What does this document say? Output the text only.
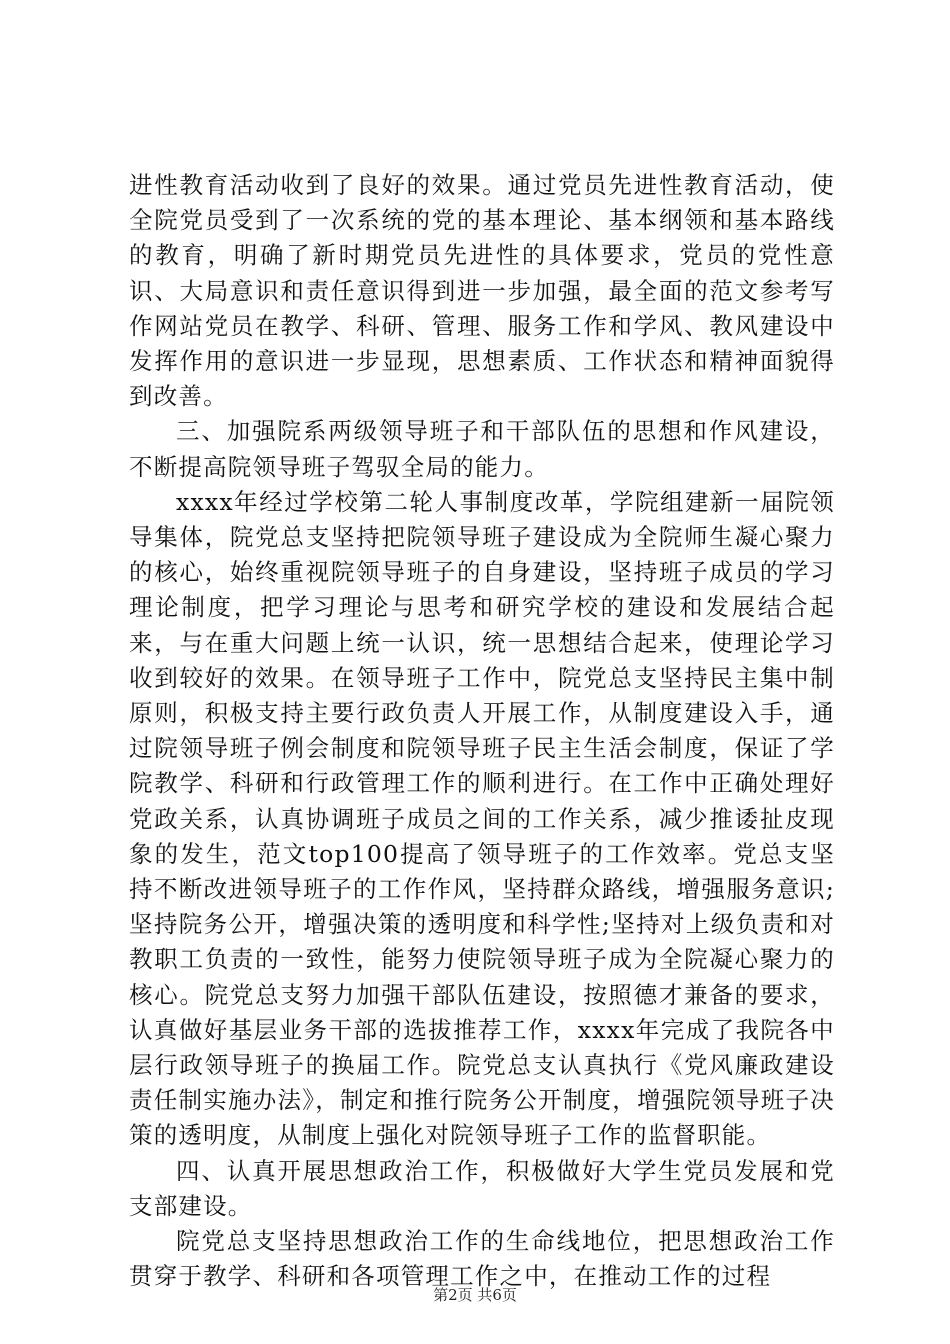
进性教育活动收到了良好的效果。通过党员先进性教育活动，使全院党员受到了一次系统的党的基本理论、基本纲领和基本路线的教育，明确了新时期党员先进性的具体要求，党员的党性意识、大局意识和责任意识得到进一步加强，最全面的范文参考写作网站党员在教学、科研、管理、服务工作和学风、教风建设中发挥作用的意识进一步显现，思想素质、工作状态和精神面貌得到改善。

三、加强院系两级领导班子和干部队伍的思想和作风建设，不断提高院领导班子驾驭全局的能力。

xxxx年经过学校第二轮人事制度改革，学院组建新一届院领导集体，院党总支坚持把院领导班子建设成为全院师生凝心聚力的核心，始终重视院领导班子的自身建设，坚持班子成员的学习理论制度，把学习理论与思考和研究学校的建设和发展结合起来，与在重大问题上统一认识，统一思想结合起来，使理论学习收到较好的效果。在领导班子工作中，院党总支坚持民主集中制原则，积极支持主要行政负责人开展工作，从制度建设入手，通过院领导班子例会制度和院领导班子民主生活会制度，保证了学院教学、科研和行政管理工作的顺利进行。在工作中正确处理好党政关系，认真协调班子成员之间的工作关系，减少推诿扯皮现象的发生，范文top100提高了领导班子的工作效率。党总支坚持不断改进领导班子的工作作风，坚持群众路线，增强服务意识;坚持院务公开，增强决策的透明度和科学性;坚持对上级负责和对教职工负责的一致性，能努力使院领导班子成为全院凝心聚力的核心。院党总支努力加强干部队伍建设，按照德才兼备的要求，认真做好基层业务干部的选拔推荐工作，xxxx年完成了我院各中层行政领导班子的换届工作。院党总支认真执行《党风廉政建设责任制实施办法》，制定和推行院务公开制度，增强院领导班子决策的透明度，从制度上强化对院领导班子工作的监督职能。

四、认真开展思想政治工作，积极做好大学生党员发展和党支部建设。

院党总支坚持思想政治工作的生命线地位，把思想政治工作贯穿于教学、科研和各项管理工作之中，在推动工作的过程

第2页 共6页
